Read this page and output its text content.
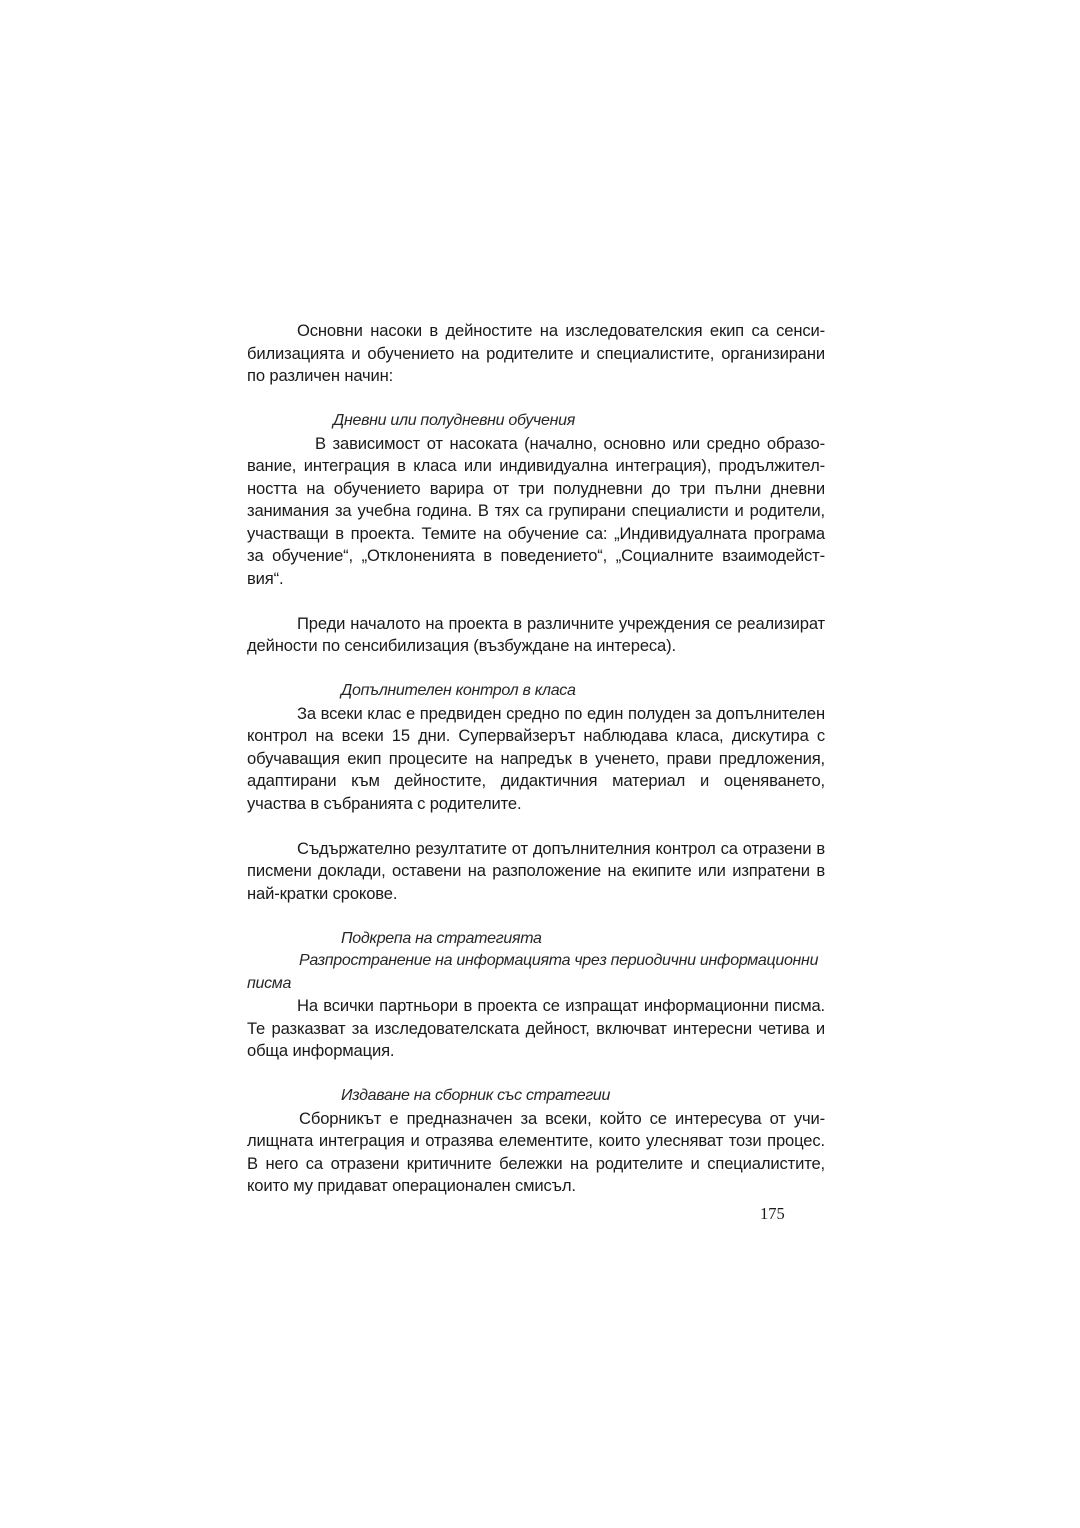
Основни насоки в дейностите на изследователския екип са сенси-билизацията и обучението на родителите и специалистите, организирани по различен начин:

Дневни или полудневни обучения

В зависимост от насоката (начално, основно или средно образо-вание, интеграция в класа или индивидуална интеграция), продължител-ността на обучението варира от три полудневни до три пълни дневни занимания за учебна година. В тях са групирани специалисти и родители, участващи в проекта. Темите на обучение са: „Индивидуалната програма за обучение“, „Отклоненията в поведението“, „Социалните взаимодейст-вия“.

Преди началото на проекта в различните учреждения се реализират дейности по сенсибилизация (възбуждане на интереса).

Допълнителен контрол в класа

За всеки клас е предвиден средно по един полуден за допълнителен контрол на всеки 15 дни. Супервайзерът наблюдава класа, дискутира с обучаващия екип процесите на напредък в ученето, прави предложения, адаптирани към дейностите, дидактичния материал и оценяването, участва в събранията с родителите.

Съдържателно резултатите от допълнителния контрол са отразени в писмени доклади, оставени на разположение на екипите или изпратени в най-кратки срокове.

Подкрепа на стратегията

Разпространение на информацията чрез периодични информационни писма

На всички партньори в проекта се изпращат информационни писма. Те разказват за изследователската дейност, включват интересни четива и обща информация.

Издаване на сборник със стратегии

Сборникът е предназначен за всеки, който се интересува от учи-лищната интеграция и отразява елементите, които улесняват този процес. В него са отразени критичните бележки на родителите и специалистите, които му придават операционален смисъл.

175
